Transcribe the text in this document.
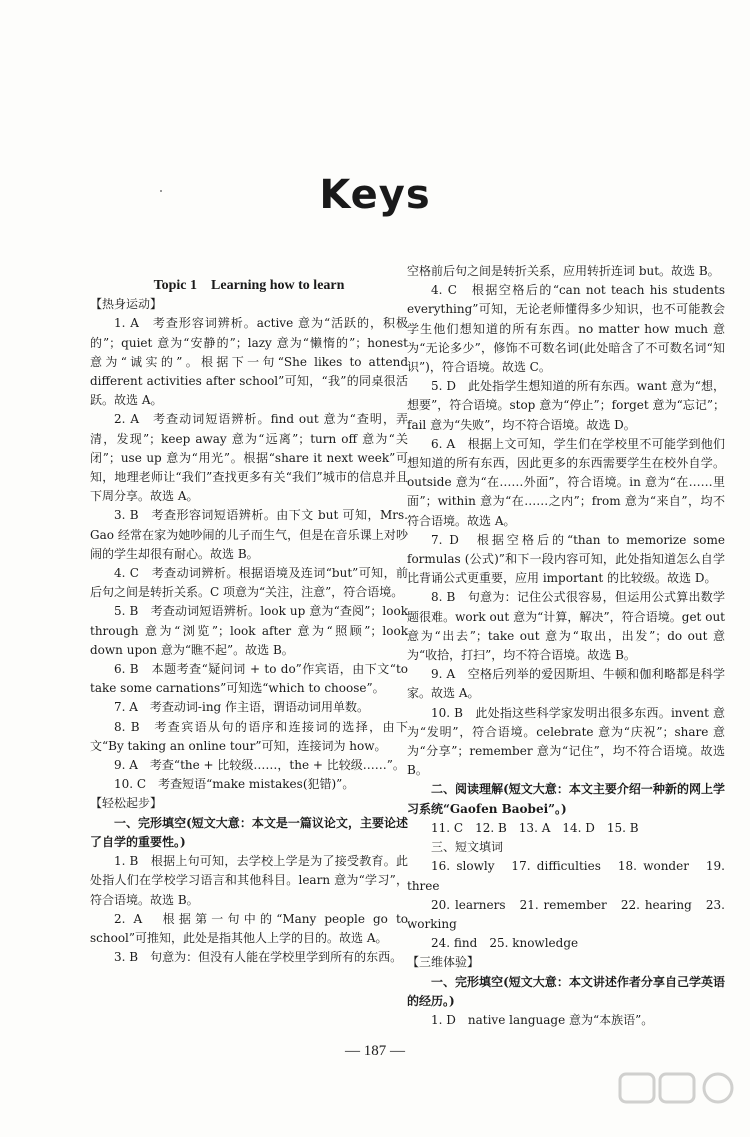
Keys

Topic 1　Learning how to learn

【热身运动】

1. A　考查形容词辨析。active 意为“活跃的，积极的”；quiet 意为“安静的”；lazy 意为“懒惰的”；honest 意为“诚实的”。根据下一句“She likes to attend different activities after school”可知，“我”的同桌很活跃。故选 A。

2. A　考查动词短语辨析。find out 意为“查明，弄清，发现”；keep away 意为“远离”；turn off 意为“关闭”；use up 意为“用光”。根据“share it next week”可知，地理老师让“我们”查找更多有关“我们”城市的信息并且下周分享。故选 A。

3. B　考查形容词短语辨析。由下文 but 可知，Mrs. Gao 经常在家为她吵闹的儿子而生气，但是在音乐课上对吵闹的学生却很有耐心。故选 B。

4. C　考查动词辨析。根据语境及连词“but”可知，前后句之间是转折关系。C 项意为“关注，注意”，符合语境。

5. B　考查动词短语辨析。look up 意为“查阅”；look through 意为“浏览”；look after 意为“照顾”；look down upon 意为“瞧不起”。故选 B。

6. B　本题考查“疑问词 + to do”作宾语，由下文“to take some carnations”可知选“which to choose”。

7. A　考查动词-ing 作主语，谓语动词用单数。

8. B　考查宾语从句的语序和连接词的选择，由下文“By taking an online tour”可知，连接词为 how。

9. A　考查“the + 比较级……，the + 比较级……”。

10. C　考查短语“make mistakes(犯错)”。

【轻松起步】

一、完形填空(短文大意：本文是一篇议论文，主要论述了自学的重要性。)

1. B　根据上句可知，去学校上学是为了接受教育。此处指人们在学校学习语言和其他科目。learn 意为“学习”，符合语境。故选 B。

2. A　根据第一句中的“Many people go to school”可推知，此处是指其他人上学的目的。故选 A。

3. B　句意为：但没有人能在学校里学到所有的东西。

空格前后句之间是转折关系，应用转折连词 but。故选 B。

4. C　根据空格后的“can not teach his students everything”可知，无论老师懂得多少知识，也不可能教会学生他们想知道的所有东西。no matter how much 意为“无论多少”，修饰不可数名词(此处暗含了不可数名词“知识”)，符合语境。故选 C。

5. D　此处指学生想知道的所有东西。want 意为“想，想要”，符合语境。stop 意为“停止”；forget 意为“忘记”；fail 意为“失败”，均不符合语境。故选 D。

6. A　根据上文可知，学生们在学校里不可能学到他们想知道的所有东西，因此更多的东西需要学生在校外自学。outside 意为“在……外面”，符合语境。in 意为“在……里面”；within 意为“在……之内”；from 意为“来自”，均不符合语境。故选 A。

7. D　根据空格后的“than to memorize some formulas (公式)”和下一段内容可知，此处指知道怎么自学比背诵公式更重要，应用 important 的比较级。故选 D。

8. B　句意为：记住公式很容易，但运用公式算出数学题很难。work out 意为“计算，解决”，符合语境。get out 意为“出去”；take out 意为“取出，出发”；do out 意为“收拾，打扫”，均不符合语境。故选 B。

9. A　空格后列举的爱因斯坦、牛顿和伽利略都是科学家。故选 A。

10. B　此处指这些科学家发明出很多东西。invent 意为“发明”，符合语境。celebrate 意为“庆祝”；share 意为“分享”；remember 意为“记住”，均不符合语境。故选 B。

二、阅读理解(短文大意：本文主要介绍一种新的网上学习系统“Gaofen Baobei”。)

11. C　12. B　13. A　14. D　15. B

三、短文填词

16. slowly　17. difficulties　18. wonder　19. three

20. learners　21. remember　22. hearing　23. working

24. find　25. knowledge

【三维体验】

一、完形填空(短文大意：本文讲述作者分享自己学英语的经历。)

1. D　native language 意为“本族语”。

— 187 —
